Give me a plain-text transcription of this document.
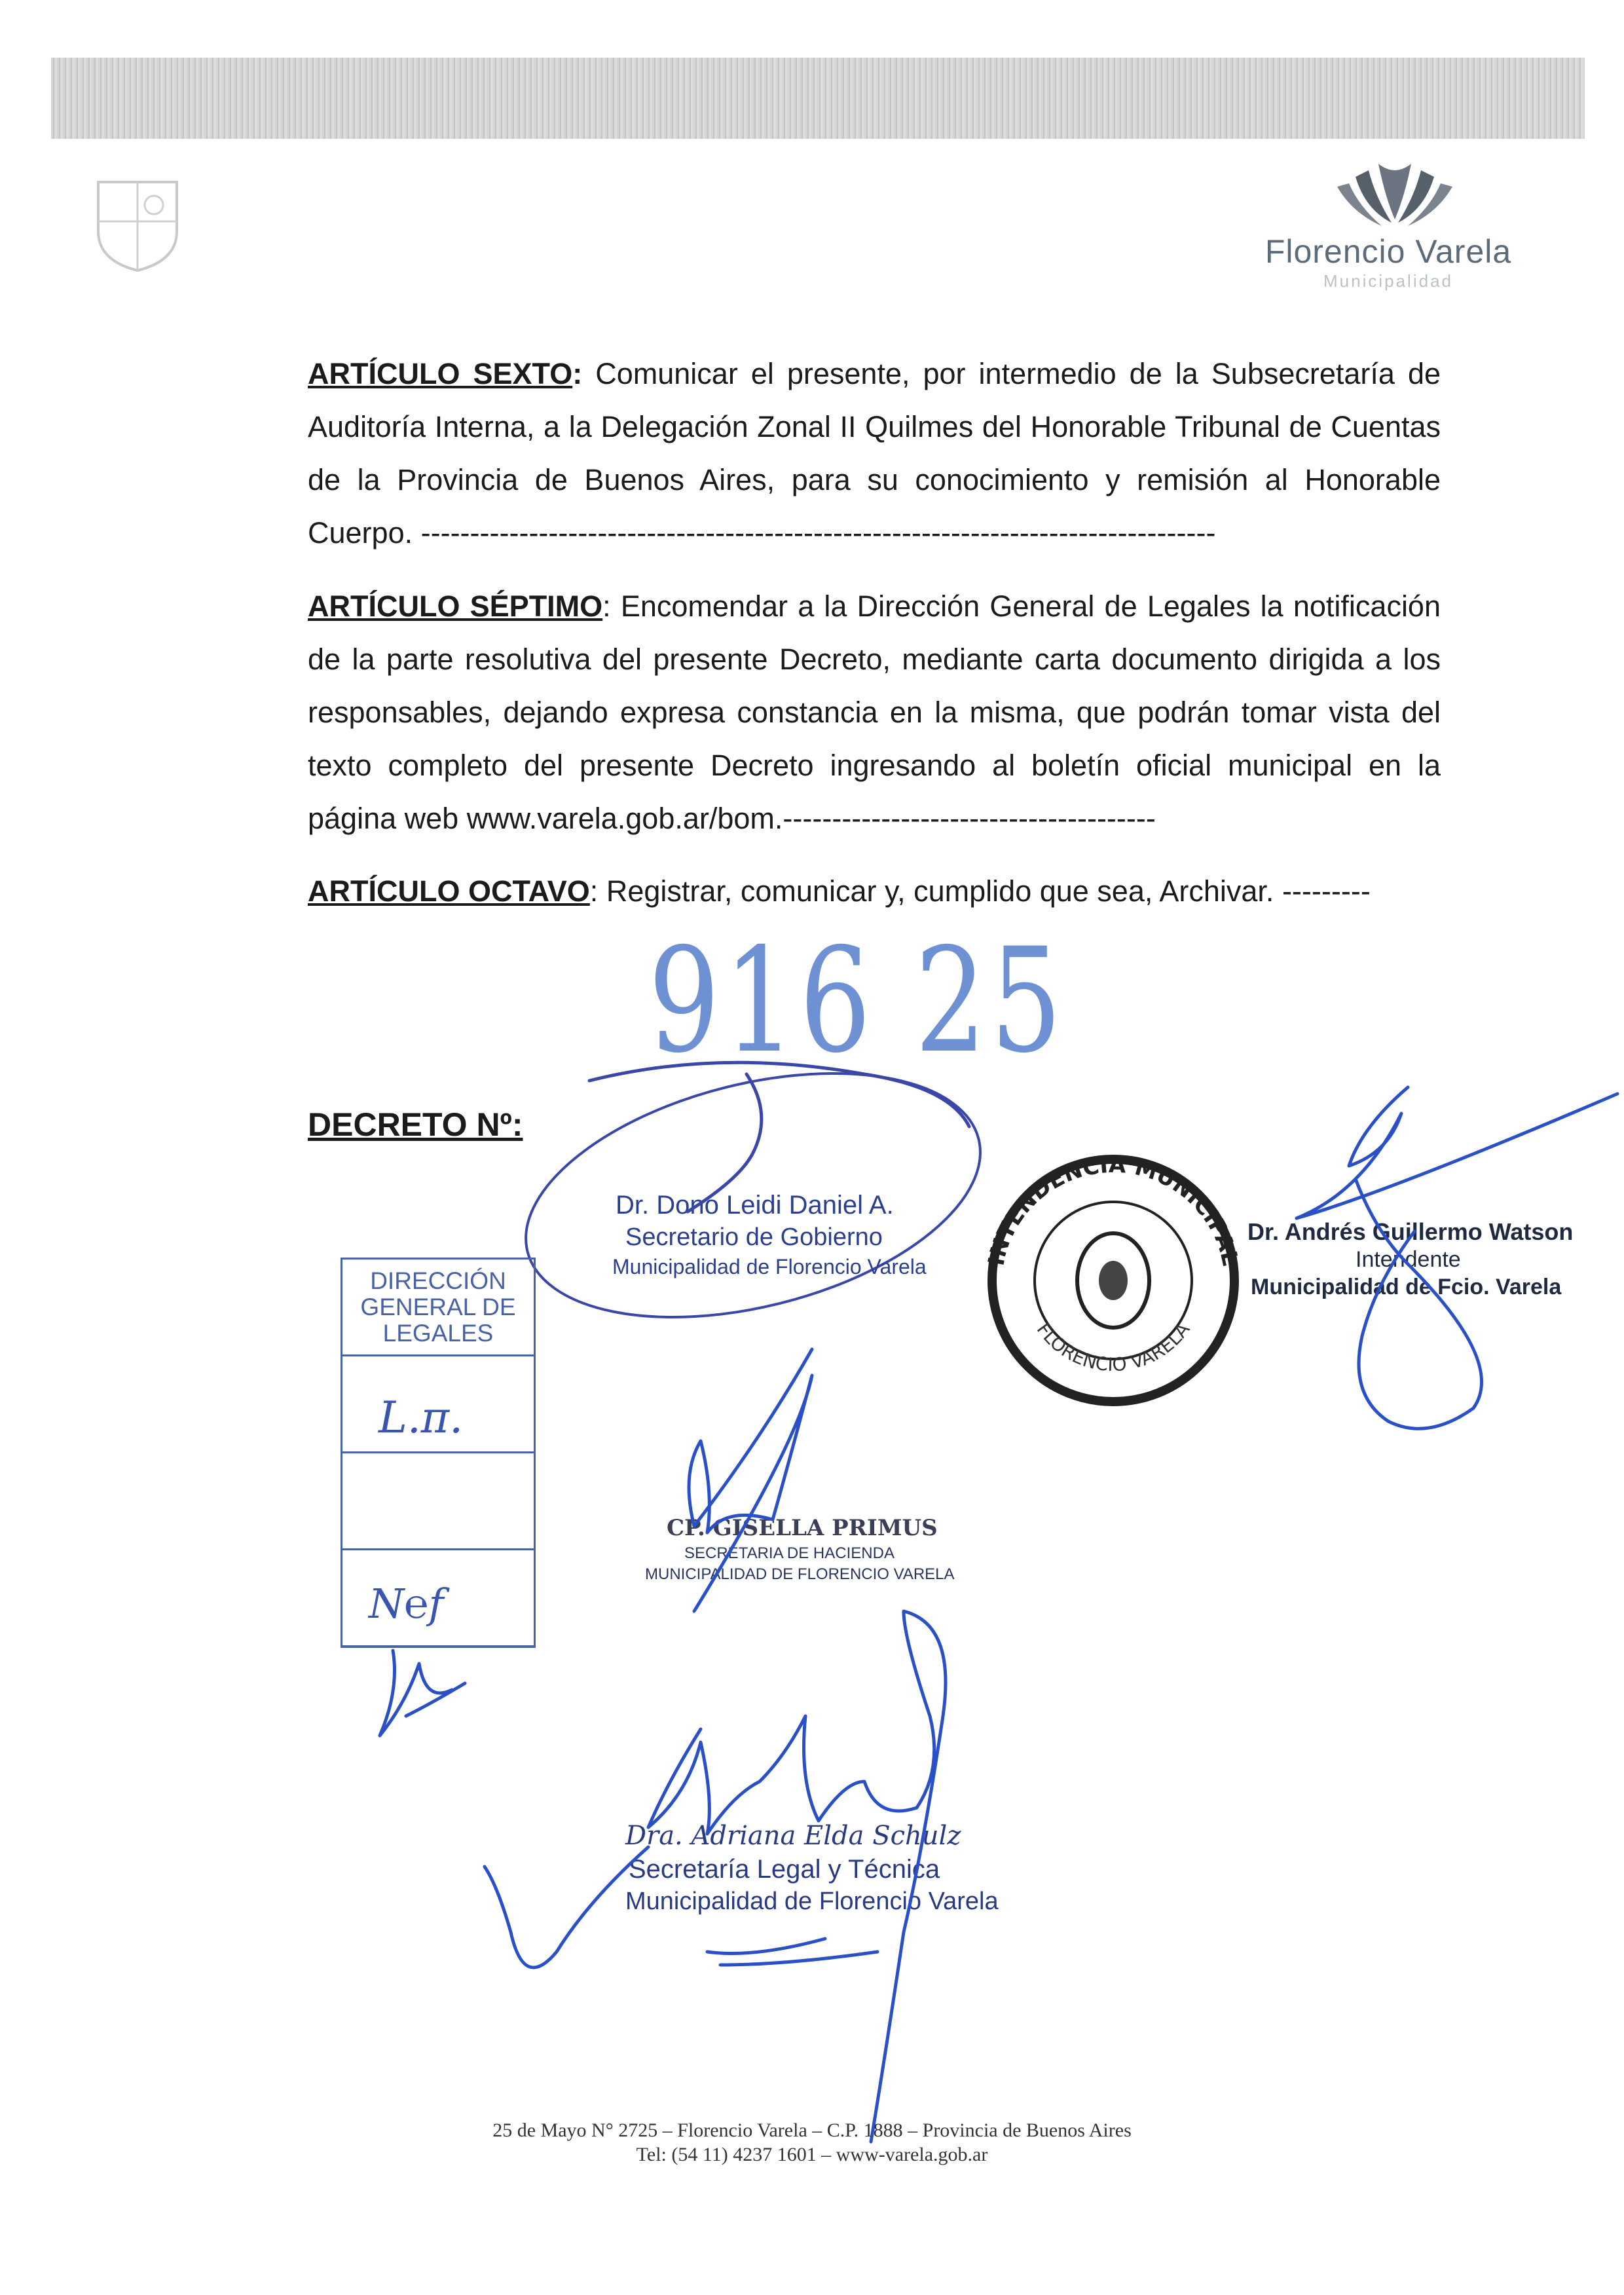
Florencio Varela
Municipalidad
ARTÍCULO SEXTO: Comunicar el presente, por intermedio de la Subsecretaría de Auditoría Interna, a la Delegación Zonal II Quilmes del Honorable Tribunal de Cuentas de la Provincia de Buenos Aires, para su conocimiento y remisión al Honorable Cuerpo. ---------------------------------------------------------------------------------
ARTÍCULO SÉPTIMO: Encomendar a la Dirección General de Legales la notificación de la parte resolutiva del presente Decreto, mediante carta documento dirigida a los responsables, dejando expresa constancia en la misma, que podrán tomar vista del texto completo del presente Decreto ingresando al boletín oficial municipal en la página web www.varela.gob.ar/bom.--------------------------------------
ARTÍCULO OCTAVO: Registrar, comunicar y, cumplido que sea, Archivar. ---------
916 25
DECRETO Nº:
Dr. Dono Leidi Daniel A.
Secretario de Gobierno
Municipalidad de Florencio Varela	INTENDENCIA MUNICIPAL
FLORENCIO VARELA
Dr. Andrés Guillermo Watson
Intendente
Municipalidad de Fcio. Varela
DIRECCIÓN GENERAL DE LEGALES
L.π.
N℮f
CP. GISELLA PRIMUS
SECRETARIA DE HACIENDA
MUNICIPALIDAD DE FLORENCIO VARELA
Dra. Adriana Elda Schulz
Secretaría Legal y Técnica
Municipalidad de Florencio Varela
25 de Mayo N° 2725 – Florencio Varela – C.P. 1888 – Provincia de Buenos Aires
Tel: (54 11) 4237 1601 – www-varela.gob.ar
